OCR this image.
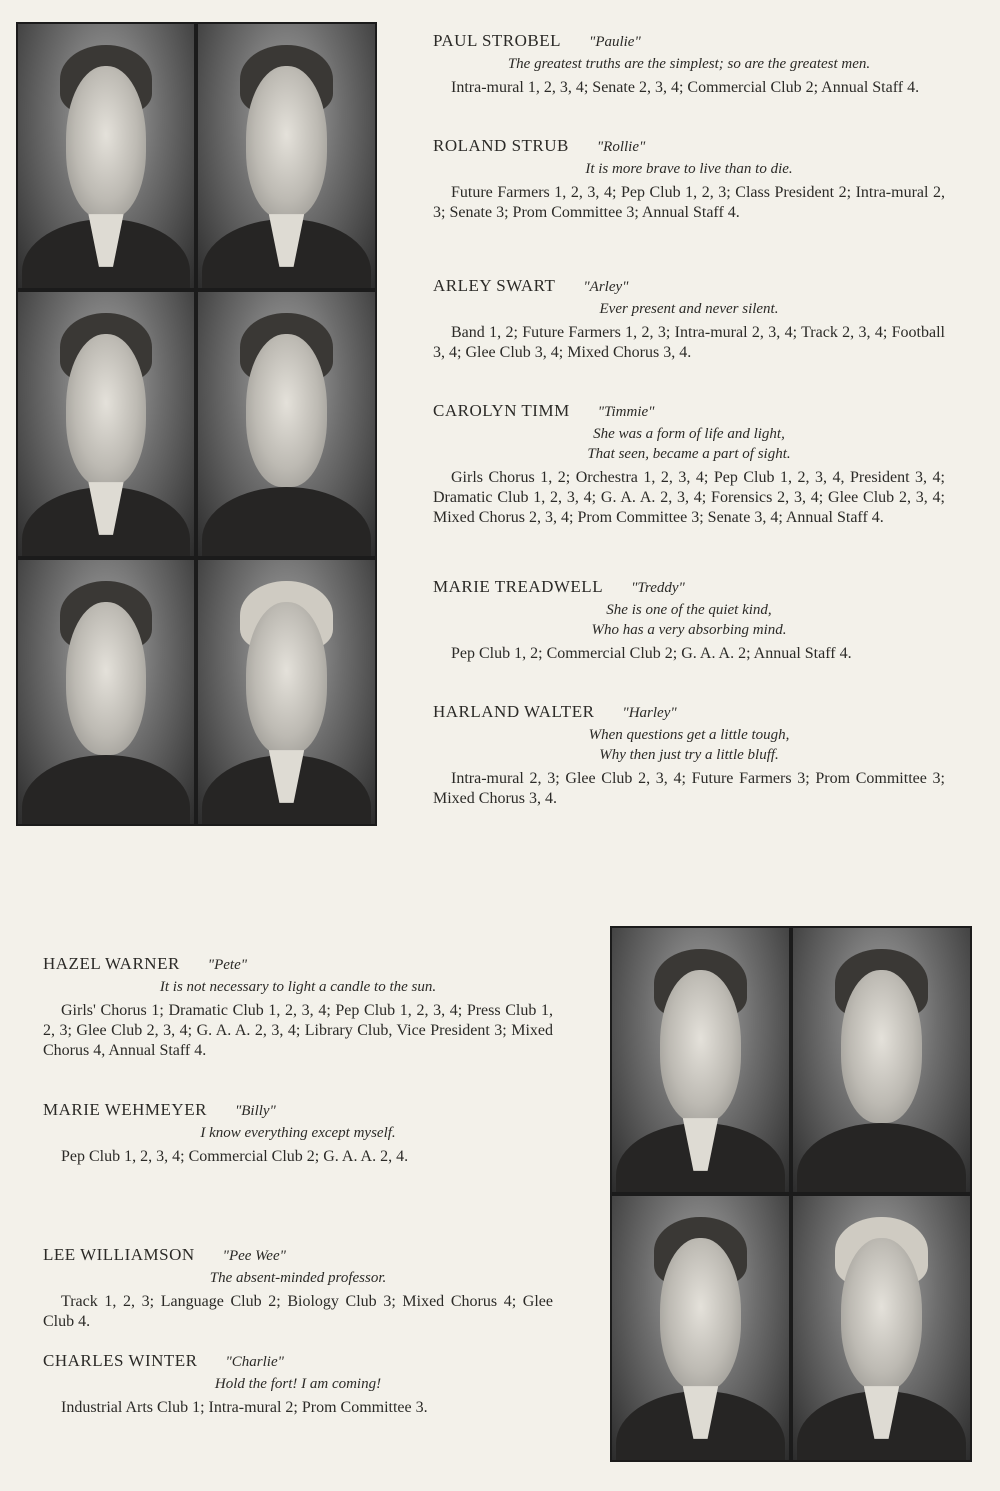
PAUL STROBEL "Paulie"
The greatest truths are the simplest; so are the greatest men.
Intra-mural 1, 2, 3, 4; Senate 2, 3, 4; Commercial Club 2; Annual Staff 4.
ROLAND STRUB "Rollie"
It is more brave to live than to die.
Future Farmers 1, 2, 3, 4; Pep Club 1, 2, 3; Class President 2; Intra-mural 2, 3; Senate 3; Prom Committee 3; Annual Staff 4.
ARLEY SWART "Arley"
Ever present and never silent.
Band 1, 2; Future Farmers 1, 2, 3; Intra-mural 2, 3, 4; Track 2, 3, 4; Football 3, 4; Glee Club 3, 4; Mixed Chorus 3, 4.
CAROLYN TIMM "Timmie"
She was a form of life and light,
That seen, became a part of sight.
Girls Chorus 1, 2; Orchestra 1, 2, 3, 4; Pep Club 1, 2, 3, 4, President 3, 4; Dramatic Club 1, 2, 3, 4; G. A. A. 2, 3, 4; Forensics 2, 3, 4; Glee Club 2, 3, 4; Mixed Chorus 2, 3, 4; Prom Committee 3; Senate 3, 4; Annual Staff 4.
MARIE TREADWELL "Treddy"
She is one of the quiet kind,
Who has a very absorbing mind.
Pep Club 1, 2; Commercial Club 2; G. A. A. 2; Annual Staff 4.
HARLAND WALTER "Harley"
When questions get a little tough,
Why then just try a little bluff.
Intra-mural 2, 3; Glee Club 2, 3, 4; Future Farmers 3; Prom Committee 3; Mixed Chorus 3, 4.
HAZEL WARNER "Pete"
It is not necessary to light a candle to the sun.
Girls' Chorus 1; Dramatic Club 1, 2, 3, 4; Pep Club 1, 2, 3, 4; Press Club 1, 2, 3; Glee Club 2, 3, 4; G. A. A. 2, 3, 4; Library Club, Vice President 3; Mixed Chorus 4, Annual Staff 4.
MARIE WEHMEYER "Billy"
I know everything except myself.
Pep Club 1, 2, 3, 4; Commercial Club 2; G. A. A. 2, 4.
LEE WILLIAMSON "Pee Wee"
The absent-minded professor.
Track 1, 2, 3; Language Club 2; Biology Club 3; Mixed Chorus 4; Glee Club 4.
CHARLES WINTER "Charlie"
Hold the fort! I am coming!
Industrial Arts Club 1; Intra-mural 2; Prom Committee 3.
